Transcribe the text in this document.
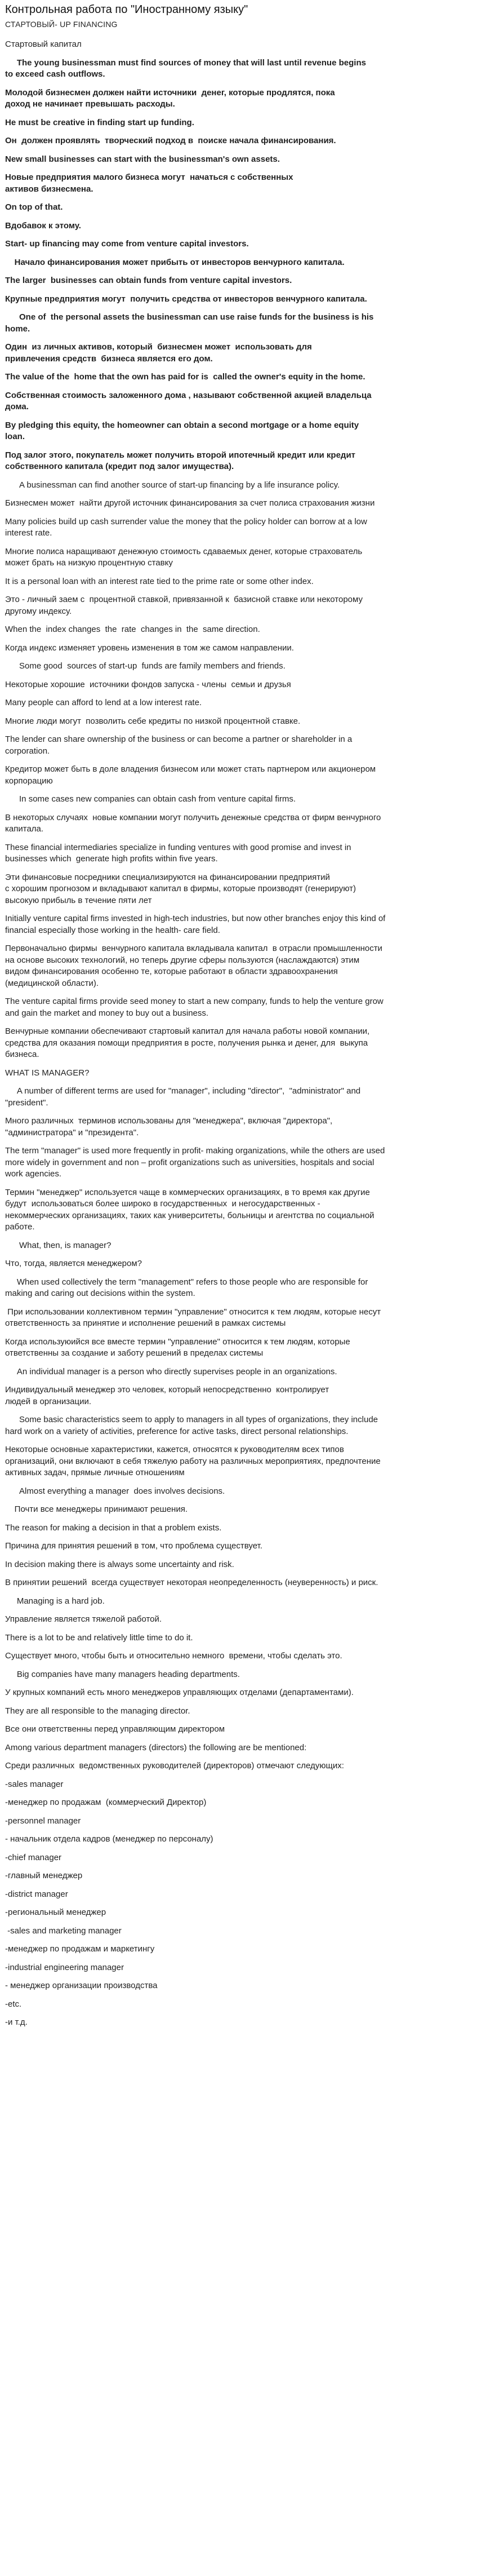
Контрольная работа по "Иностранному языку"
СТАРТОВЫЙ- UP FINANCING

Стартовый капитал

The young businessman must find sources of money that will last until revenue begins
to exceed cash outflows.

Молодой бизнесмен должен найти источники  денег, которые продлятся, пока
доход не начинает превышать расходы.

He must be creative in finding start up funding.

Он  должен проявлять  творческий подход в  поиске начала финансирования.

New small businesses can start with the businessman's own assets.

Новые предприятия малого бизнеса могут  начаться с собственных
активов бизнесмена.

On top of that.

Вдобавок к этому.

Start- up financing may come from venture capital investors.

Начало финансирования может прибыть от инвесторов венчурного капитала.

The larger  businesses can obtain funds from venture capital investors.

Крупные предприятия могут  получить средства от инвесторов венчурного капитала.

One of  the personal assets the businessman can use raise funds for the business is his
home.

Один  из личных активов, который  бизнесмен может  использовать для
привлечения средств  бизнеса является его дом.

The value of the  home that the own has paid for is  called the owner's equity in the home.

Собственная стоимость заложенного дома , называют собственной акцией владельца
дома.

By pledging this equity, the homeowner can obtain a second mortgage or a home equity
loan.

Под залог этого, покупатель может получить второй ипотечный кредит или кредит
собственного капитала (кредит под залог имущества).

A businessman can find another source of start-up financing by a life insurance policy.

Бизнесмен может  найти другой источник финансирования за счет полиса страхования жизни

Many policies build up cash surrender value the money that the policy holder can borrow at a low
interest rate.

Многие полиса наращивают денежную стоимость сдаваемых денег, которые страхователь
может брать на низкую процентную ставку

It is a personal loan with an interest rate tied to the prime rate or some other index.

Это - личный заем с  процентной ставкой, привязанной к  базисной ставке или некоторому
другому индексу.

When the  index changes  the  rate  changes in  the  same direction.

Когда индекс изменяет уровень изменения в том же самом направлении.

Some good  sources of start-up  funds are family members and friends.

Некоторые хорошие  источники фондов запуска - члены  семьи и друзья

Many people can afford to lend at a low interest rate.

Многие люди могут  позволить себе кредиты по низкой процентной ставке.

The lender can share ownership of the business or can become a partner or shareholder in a
corporation.

Кредитор может быть в доле владения бизнесом или может стать партнером или акционером
корпорацию

In some cases new companies can obtain cash from venture capital firms.

В некоторых случаях  новые компании могут получить денежные средства от фирм венчурного
капитала.

These financial intermediaries specialize in funding ventures with good promise and invest in
businesses which  generate high profits within five years.

Эти финансовые посредники специализируются на финансировании предприятий
с хорошим прогнозом и вкладывают капитал в фирмы, которые производят (генерируют)
высокую прибыль в течение пяти лет

Initially venture capital firms invested in high-tech industries, but now other branches enjoy this kind of
financial especially those working in the health- care field.

Первоначально фирмы  венчурного капитала вкладывала капитал  в отрасли промышленности
на основе высоких технологий, но теперь другие сферы пользуются (наслаждаются) этим
видом финансирования особенно те, которые работают в области здравоохранения
(медицинской области).

The venture capital firms provide seed money to start a new company, funds to help the venture grow
and gain the market and money to buy out a business.

Венчурные компании обеспечивают стартовый капитал для начала работы новой компании,
средства для оказания помощи предприятия в росте, получения рынка и денег, для  выкупа
бизнеса.

WHAT IS MANAGER?

A number of different terms are used for "manager", including "director",  "administrator" and
"president".

Много различных  терминов использованы для "менеджера", включая "директора",
"администратора" и "президента".

The term "manager" is used more frequently in profit- making organizations, while the others are used
more widely in government and non – profit organizations such as universities, hospitals and social
work agencies.

Термин "менеджер" используется чаще в коммерческих организациях, в то время как другие
будут  использоваться более широко в государственных  и негосударственных -
некоммерческих организациях, таких как университеты, больницы и агентства по социальной
работе.

What, then, is manager?

Что, тогда, является менеджером?

When used collectively the term "management" refers to those people who are responsible for
making and caring out decisions within the system.

При использовании коллективном термин "управление" относится к тем людям, которые несут
ответственность за принятие и исполнение решений в рамках системы

Когда используюийся все вместе термин "управление" относится к тем людям, которые
ответственны за создание и заботу решений в пределах системы

An individual manager is a person who directly supervises people in an organizations.

Индивидуальный менеджер это человек, который непосредственно  контролирует
людей в организации.

Some basic characteristics seem to apply to managers in all types of organizations, they include
hard work on a variety of activities, preference for active tasks, direct personal relationships.

Некоторые основные характеристики, кажется, относятся к руководителям всех типов
организаций, они включают в себя тяжелую работу на различных мероприятиях, предпочтение
активных задач, прямые личные отношениям

Almost everything a manager  does involves decisions.

Почти все менеджеры принимают решения.

The reason for making a decision in that a problem exists.

Причина для принятия решений в том, что проблема существует.

In decision making there is always some uncertainty and risk.

В принятии решений  всегда существует некоторая неопределенность (неуверенность) и риск.

Managing is a hard job.

Управление является тяжелой работой.

There is a lot to be and relatively little time to do it.

Существует много, чтобы быть и относительно немного  времени, чтобы сделать это.

Big companies have many managers heading departments.

У крупных компаний есть много менеджеров управляющих отделами (департаментами).

They are all responsible to the managing director.

Все они ответственны перед управляющим директором

Among various department managers (directors) the following are be mentioned:

Среди различных  ведомственных руководителей (директоров) отмечают следующих:

-sales manager

-менеджер по продажам  (коммерческий Директор)

-personnel manager

- начальник отдела кадров (менеджер по персоналу)

-chief manager

-главный менеджер

-district manager

-региональный менеджер

-sales and marketing manager

-менеджер по продажам и маркетингу

-industrial engineering manager

- менеджер организации производства

-etc.

-и т.д.
